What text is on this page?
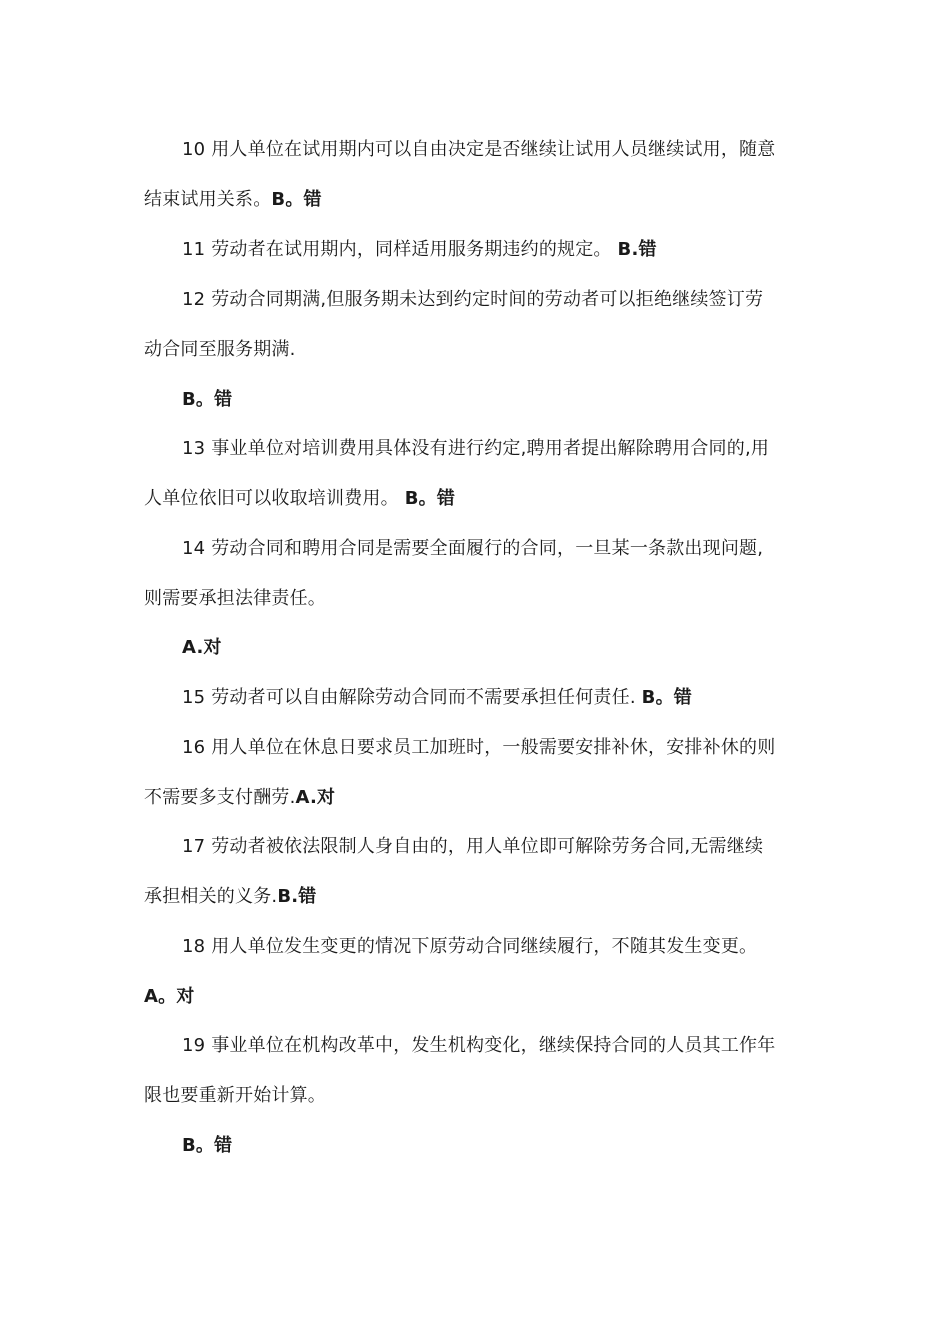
10 用人单位在试用期内可以自由决定是否继续让试用人员继续试用，随意
结束试用关系。B。错
11 劳动者在试用期内，同样适用服务期违约的规定。 B.错
12 劳动合同期满,但服务期未达到约定时间的劳动者可以拒绝继续签订劳
动合同至服务期满.
B。错
13 事业单位对培训费用具体没有进行约定,聘用者提出解除聘用合同的,用
人单位依旧可以收取培训费用。 B。错
14 劳动合同和聘用合同是需要全面履行的合同，一旦某一条款出现问题,
则需要承担法律责任。
A.对
15 劳动者可以自由解除劳动合同而不需要承担任何责任. B。错
16 用人单位在休息日要求员工加班时，一般需要安排补休，安排补休的则
不需要多支付酬劳.A.对
17 劳动者被依法限制人身自由的，用人单位即可解除劳务合同,无需继续
承担相关的义务.B.错
18 用人单位发生变更的情况下原劳动合同继续履行，不随其发生变更。
A。对
19 事业单位在机构改革中，发生机构变化，继续保持合同的人员其工作年
限也要重新开始计算。
B。错
